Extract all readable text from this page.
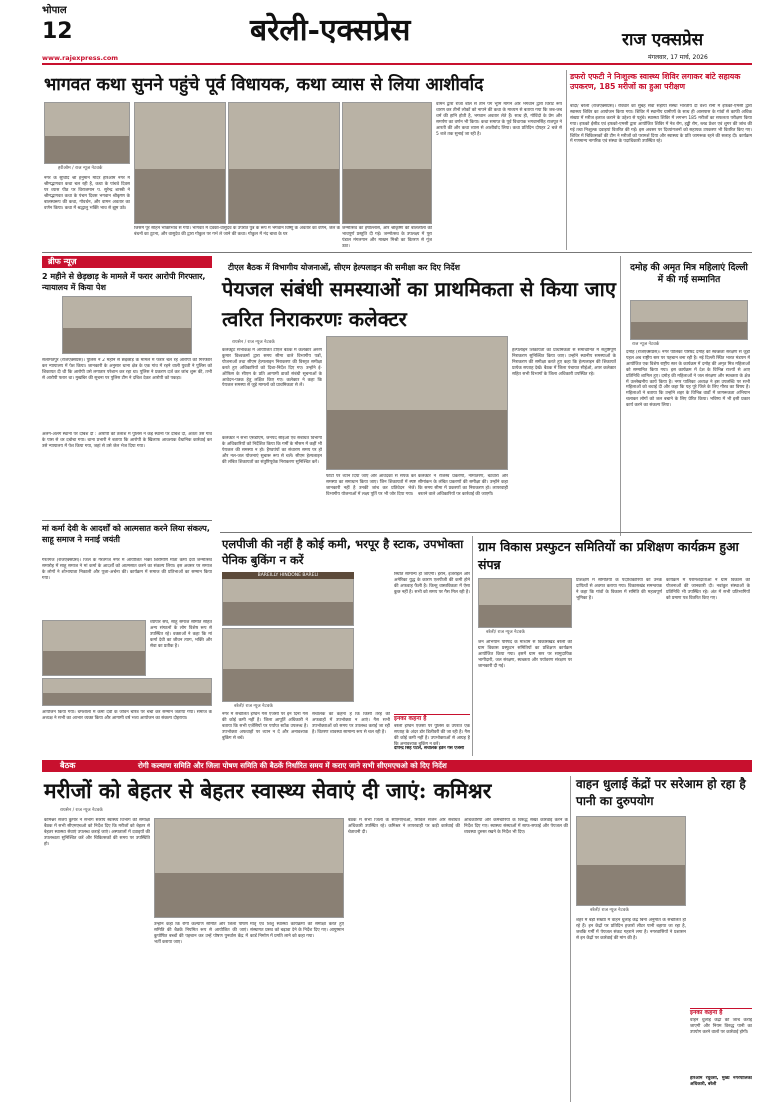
भोपाल
12
www.rajexpress.com
बरेली-एक्सप्रेस	राज एक्सप्रेस
मंगलवार, 17 मार्च, 2026
भागवत कथा सुनने पहुंचे पूर्व विधायक, कथा व्यास से लिया आशीर्वाद
हरीओम / राज न्यूज नेटवर्क
नगर के सुविदि श्री हनुमान मंदिर हरिओम नगर में श्रीमद्भागवत कथा चल रही है, कथा के पांचवे दिवस पर व्यास पीठ पर विराजमान प. सुरेन्द्र शास्त्री ने श्रीमद्भागवत कथा के पंचम दिवस भगवान श्रीकृष्ण के बालस्वरूप की कथा, गोवर्धन, और वामन अवतार का वर्णन किया। कथा में श्रद्धालु भक्ति भाव से झूम उठे।
जिसमें पूर सोहन भक्तिभाव से गया। भागवत में देवकी-वासुदेव के उपरांत पुत्र के रूप में भगवान विष्णु के अवतार का वर्णन, जेल के बंधनों का टूटना, और वासुदेव की द्वारा गोकुल पर गर्भ ले जाने की कथा। गोकुल में नंद बाबा के घर
जन्मोत्सव का हर्षोल्लास, और श्रीकृष्ण की बाललीला की भावपूर्ण प्रस्तुति दी गई। जन्मोत्सव के उपलक्ष्य में पूरा पंडाल मंगलगान और माखन मिश्री का वितरण से गूंज उठा।
वामन द्वारा राजा बलि से तीन पग भूमि मांगने और भगवान द्वारा विराट रूप धारण कर तीनों लोकों को नापने की कथा के माध्यम से बताया गया कि जब-जब धर्म की हानि होती है, भगवान अवतार लेते हैं। साथ ही, गोविंदो के प्रेम और समर्पण का वर्णन भी किया। कथा समाप्त के पूर्व विधायक भगवानसिंह राजपूत ने आरती की और कथा व्यास से आशीर्वाद लिया। कथा प्रतिदिन दोपहर 2 बजे से 5 बजे तक सुनाई जा रही है।
डफरो एफटी ने निःशुल्क स्वास्थ्य शिविर लगाकर बांटे सहायक उपकरण, 185 मरीजों का हुआ परीक्षण
बांदी/ बरेली (राजएक्सप्रेस)। रविवार को सुबह सेवा सहायी संस्था भारतीय दी वैश्य रानी में इफको-एमसी द्वारा स्वास्थ्य शिविर का आयोजन किया गया। शिविर में स्थानीय ग्रामीणों के साथ ही आसपास के गांवों से काफी अधिक संख्या में मरीज इलाज कराने के उद्देश्य से पहुंचे। स्वास्थ्य शिविर में लगभग 185 मरीजों का सफलता परीक्षण किया गया। इफको ईसीड एवं इफको-एमसी द्वारा आयोजित शिविर में नेत्र रोग, हड्डी रोग, ब्लड प्रेशर एवं शुगर की जांच की गई तथा निःशुल्क दवाइयां वितरित की गईं। इस अवसर पर दिव्यांगजनों को सहायक उपकरण भी वितरित किए गए। शिविर में चिकित्सकों की टीम ने मरीजों को परामर्श दिया और स्वास्थ्य के प्रति जागरूक रहने की सलाह दी। कार्यक्रम में गणमान्य नागरिक एवं संस्था के पदाधिकारी उपस्थित रहे।
ब्रीफ न्यूज़
2 महीने से छेड़छाड़ के मामले में फरार आरोपी गिरफ्तार, न्यायालय में किया पेश
सलामतपुर (राजएक्सप्रेस)। पुलिस ने 2 महीने से छेड़छाड़ के मामले में फरार चल रहे आरोपी को गिरफ्तार कर न्यायालय में पेश किया। जानकारी के अनुसार थाना क्षेत्र के एक गांव में रहने वाली युवती ने पुलिस को शिकायत दी थी कि आरोपी उसे लगातार परेशान कर रहा था। पुलिस ने प्रकरण दर्ज कर जांच शुरू की, तभी से आरोपी फरार था। मुखबिर की सूचना पर पुलिस टीम ने दबिश देकर आरोपी को पकड़ा।
अलग-अलग स्थानों पर दबिश दी : आरोपी की तलाश में पुलिस ने कई स्थानों पर दबिश दी, अंततः उसे गांव के पास से धर दबोचा गया। थाना प्रभारी ने बताया कि आरोपी के खिलाफ आवश्यक वैधानिक कार्रवाई कर उसे न्यायालय में पेश किया गया, जहां से उसे जेल भेज दिया गया।
मां कर्मा देवी के आदर्शों को आत्मसात करने लिया संकल्प, साहू समाज ने मनाई जयंती
गैरतगंज (राजएक्सप्रेस)। जिले के गैरतगंज नगर में आयोजित भक्त शिरोमणि माता कर्मा देवी जन्मोत्सव समारोह में साहू समाज ने मां कर्मा के आदर्शों को आत्मसात करने का संकल्प लिया। इस अवसर पर समाज के लोगों ने शोभायात्रा निकाली और पूजा-अर्चना की। कार्यक्रम में समाज की प्रतिभाओं का सम्मान किया गया।
व्यापार संघ, साहू समाज समिति सहित अन्य संगठनों के लोग विशेष रूप से उपस्थित रहे। वक्ताओं ने कहा कि मां कर्मा देवी का जीवन त्याग, भक्ति और सेवा का प्रतीक है।
आयोजन किया गया। धर्मशाला में कर्मा देवी के जीवन चरित्र पर चर्चा कर सम्मान जताया गया। समाज के अध्यक्ष ने सभी का आभार व्यक्त किया और आगामी वर्ष भव्य आयोजन का संकल्प दोहराया।
टीएल बैठक में विभागीय योजनाओं, सीएम हेल्पलाइन की समीक्षा कर दिए निर्देश
पेयजल संबंधी समस्याओं का प्राथमिकता से किया जाए त्वरित निराकरणः कलेक्टर
रायसेन / राज न्यूज नेटवर्क
कलेक्ट्रेट सभाकक्ष में आयोजित टीएल बैठक में कलेक्टर अरुण कुमार विश्वकर्मा द्वारा समय सीमा वाले विभागीय पत्रों, योजनाओं तथा सीएम हेल्पलाइन निराकरण की विस्तृत समीक्षा करते हुए अधिकारियों को दिशा-निर्देश दिए गए। उन्होंने ई-ऑफिस के सीएम के प्रति आगामी डाकों संबंधी सूचनाओं के आवेदन-पत्रक हेतु लक्षित किए गए। कलेक्टर ने कहा कि पेयजल समस्या से जुड़े मामलों को प्राथमिकता से लें।
कलेक्टर ने सभी एसडीएम, जनपद सीईओ एवं संबंधित विभागों के अधिकारियों को निर्देशित किया कि गर्मी के मौसम में कहीं भी पेयजल की समस्या न हो। हैण्डपंपों का संधारण समय पर हो और नल-जल योजनाएं सुचारू रूप से चलें। सीएम हेल्पलाइन की लंबित शिकायतों का संतुष्टिपूर्वक निराकरण सुनिश्चित करें।
फोटो पर ध्यान दिया जाए और आवेदकों से संपर्क कर समस्या का समाधान किया जाए। जिन शिकायतों में स्पष्ट जानकारी नहीं है उनकी जांच कर प्रतिवेदन भेजें। विभागीय योजनाओं में लक्ष्य पूर्ति पर भी जोर दिया गया।
कलेक्टर ने राजस्व प्रकरणों, नामांतरण, बंटवारा और सीमांकन के लंबित प्रकरणों की समीक्षा की। उन्होंने कहा कि समय सीमा में प्रकरणों का निराकरण हो। लापरवाही बरतने वाले अधिकारियों पर कार्रवाई की जाएगी।
हेल्पलाइन शिकायतों का प्राथमिकता से समाधानित में संतुष्टिपूर्ण निराकरण सुनिश्चित किया जाए। उन्होंने स्थानीय समस्याओं के निराकरण की समीक्षा करते हुए कहा कि हेल्पलाइन की शिकायतें प्रत्येक सप्ताह देखें। बैठक में जिला पंचायत सीईओ, अपर कलेक्टर सहित सभी विभागों के जिला अधिकारी उपस्थित रहे।
दमोह की अमृत मित्र महिलाएं दिल्ली में की गई सम्मानित
राज न्यूज नेटवर्क
दमोह (राजएक्सप्रेस)। नगर पालिका परिषद दमोह की स्वच्छता संरक्षण से जुड़ी पहल अब राष्ट्रीय स्तर पर पहचान बना रही है। नई दिल्ली स्थित भारत मंडपम में आयोजित एक विशेष राष्ट्रीय स्तर के कार्यक्रम में दमोह की अमृत मित्र महिलाओं को सम्मानित किया गया। इस कार्यक्रम में देश के विभिन्न राज्यों से आए प्रतिनिधि शामिल हुए। दमोह की महिलाओं ने जल संरक्षण और स्वच्छता के क्षेत्र में उल्लेखनीय कार्य किया है। नगर पालिका अध्यक्ष ने इस उपलब्धि पर सभी महिलाओं को बधाई दी और कहा कि यह पूरे जिले के लिए गौरव का विषय है। महिलाओं ने बताया कि उन्होंने शहर के विभिन्न वार्डों में जागरूकता अभियान चलाकर लोगों को जल बचाने के लिए प्रेरित किया। भविष्य में भी इसी प्रकार कार्य करने का संकल्प लिया।
एलपीजी की नहीं है कोई कमी, भरपूर है स्टाक, उपभोक्ता पेनिक बुकिंग न करें
BAREILLY HINDONE BARELI
बरेली/ राज न्यूज नेटवर्क
नगर में संचालित इण्डेन गैस एजेंसी पर इन दिनों गैस की कोई कमी नहीं है। जिला आपूर्ति अधिकारी ने बताया कि सभी एजेंसियों पर पर्याप्त स्टॉक उपलब्ध है। उपभोक्ता अफवाहों पर ध्यान न दें और अनावश्यक बुकिंग से बचें।
संचालक का कहना है कि किसी तरह की अफवाहों में उपभोक्ता न आएं। गैस सभी उपभोक्ताओं को समय पर उपलब्ध कराई जा रही है। वितरण व्यवस्था सामान्य रूप से चल रही है।
स्थिति सामान्य हो जाएगी। ईरान, इजराइल और अमेरिका युद्ध के कारण एलपीजी की कमी होने की अफवाह फैली है। किन्तु वास्तविकता में ऐसा कुछ नहीं है। सभी को समय पर गैस मिल रही है।
इनका कहना है
बरेली इण्डेन एजेंसी पर पुलिस के उपरांत एक सप्ताह के अंदर डोर डिलीवरी की जा रही है। गैस की कोई कमी नहीं है। उपभोक्ताओं से आग्रह है कि अनावश्यक बुकिंग न करें।
दीपेन्द्र सिंह पटेल, संचालक इंडेन गैस एजेंसी
ग्राम विकास प्रस्फुटन समितियों का प्रशिक्षण कार्यक्रम हुआ संपन्न
बरेली/ राज न्यूज नेटवर्क
जन अभियान परिषद के माध्यम से विकासखंड बरेली की ग्राम विकास प्रस्फुटन समितियों का प्रशिक्षण कार्यक्रम आयोजित किया गया। इसमें ग्राम स्तर पर सामुदायिक भागीदारी, जल संरक्षण, स्वच्छता और पर्यावरण संरक्षण पर जानकारी दी गई।
प्रशिक्षण में समितियों के पदाधिकारियों को उनके दायित्वों से अवगत कराया गया। विकासखंड समन्वयक ने कहा कि गांवों के विकास में समिति की महत्वपूर्ण भूमिका है।
कार्यक्रम में परामर्शदाताओं ने ग्राम विकास की योजनाओं की जानकारी दी। नवांकुर संस्थाओं के प्रतिनिधि भी उपस्थित रहे। अंत में सभी प्रतिभागियों को प्रमाण पत्र वितरित किए गए।
बैठक	रोगी कल्याण समिति और जिला पोषण समिति की बैठकें निर्धारित समय में कराए जाने सभी सीएमएचओ को दिए निर्देश
मरीजों को बेहतर से बेहतर स्वास्थ्य सेवाएं दी जाएं: कमिश्नर
रायसेन / राज न्यूज नेटवर्क
कमिश्नर संजय कुमार ने संभाग स्तरीय स्वास्थ्य विभाग की समीक्षा बैठक में सभी सीएमएचओ को निर्देश दिए कि मरीजों को बेहतर से बेहतर स्वास्थ्य सेवाएं उपलब्ध कराई जाएं। अस्पतालों में दवाइयों की उपलब्धता सुनिश्चित करें और चिकित्सकों की समय पर उपस्थिति हो।
उन्होंने कहा कि रोगी कल्याण समिति और जिला पोषण समिति की बैठकें नियमित रूप से आयोजित की जाएं। कुपोषित बच्चों की पहचान कर उन्हें पोषण पुनर्वास केंद्र में भर्ती कराया जाए।
मातृ एवं शिशु स्वास्थ्य कार्यक्रमों की समीक्षा करते हुए संस्थागत प्रसव को बढ़ावा देने के निर्देश दिए गए। आयुष्मान कार्ड निर्माण में प्रगति लाने को कहा गया।
बैठक में सभी जिलों के सीएमएचओ, सिविल सर्जन और संबंधित अधिकारी उपस्थित रहे। कमिश्नर ने लापरवाही पर कड़ी कार्रवाई की चेतावनी दी।
अधिकारियों और कर्मचारियों के विरुद्ध सख्त कार्रवाई करने के निर्देश दिए गए। स्वास्थ्य संस्थाओं में साफ-सफाई और पेयजल की व्यवस्था दुरुस्त रखने के निर्देश भी दिए।
वाहन धुलाई केंद्रों पर सरेआम हो रहा है पानी का दुरुपयोग
बरेली/ राज न्यूज नेटवर्क
शहर में बड़ी संख्या में वाहन धुलाई केंद्र बिना अनुमति के संचालित हो रहे हैं। इन केंद्रों पर प्रतिदिन हजारों लीटर पानी बहाया जा रहा है, जबकि गर्मी में पेयजल संकट गहराने लगा है। नगरवासियों ने प्रशासन से इन केंद्रों पर कार्रवाई की मांग की है।
इनका कहना है
वाहन धुलाई केंद्रों की जांच कराई जाएगी और नियम विरुद्ध पानी का उपयोग करने वालों पर कार्रवाई होगी।
हरिओम रघुवंशी, मुख्य नगरपालिका अधिकारी, बरेली
